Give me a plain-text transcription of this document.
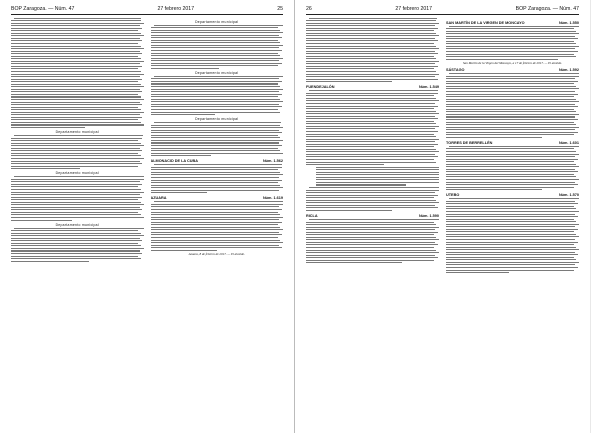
BOP Zaragoza. — Núm. 47	27 febrero 2017	25
Departamento municipal
Departamento municipal
Departamento municipal
Departamento municipal
Departamento municipal
Departamento municipal
ALMONACID DE LA CUBA	Núm. 1.562
AZUARA	Núm. 1.619
Azuara, 8 de febrero de 2017. — El alcalde.
26	27 febrero 2017	BOP Zaragoza. — Núm. 47
FUENDEJALÓN	Núm. 1.549
RICLA	Núm. 1.590
SAN MARTÍN DE LA VIRGEN DE MONCAYO	Núm. 1.550
San Martín de la Virgen del Moncayo, a 17 de febrero de 2017. — El alcalde.
SÁSTAGO	Núm. 1.592
TORRES DE BERRELLÉN	Núm. 1.601
UTEBO	Núm. 1.570
